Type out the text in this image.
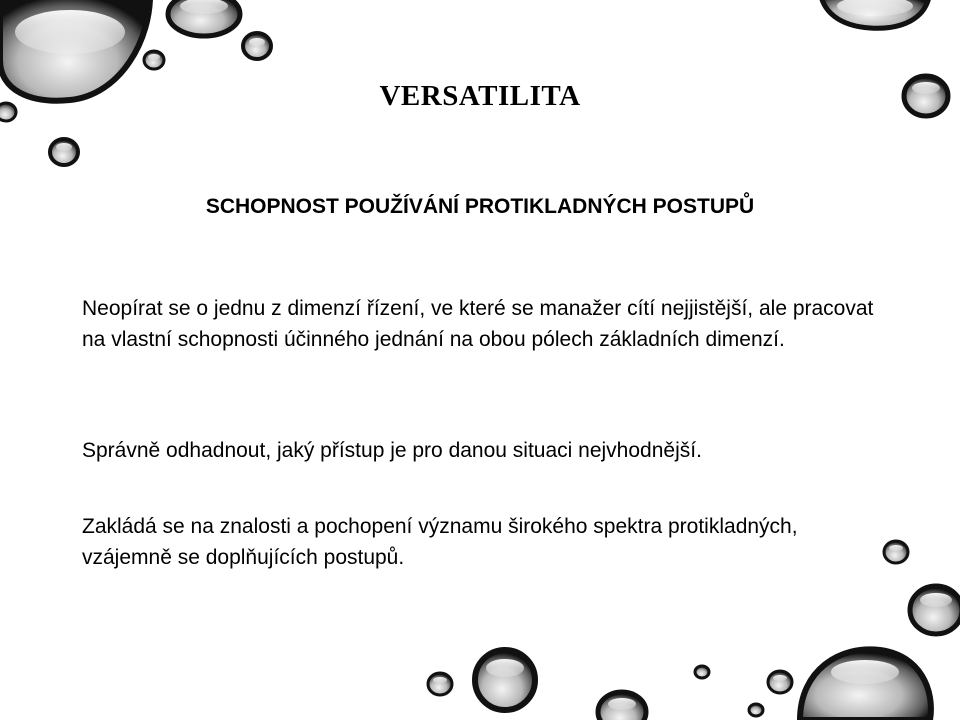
VERSATILITA
SCHOPNOST POUŽÍVÁNÍ PROTIKLADNÝCH POSTUPŮ

Neopírat se o jednu z dimenzí řízení, ve které se manažer cítí nejjistější, ale pracovat na vlastní schopnosti účinného jednání na obou pólech základních dimenzí.

Správně odhadnout, jaký přístup je pro danou situaci nejvhodnější.

Zakládá se na znalosti a pochopení významu širokého spektra protikladných, vzájemně se doplňujících postupů.
